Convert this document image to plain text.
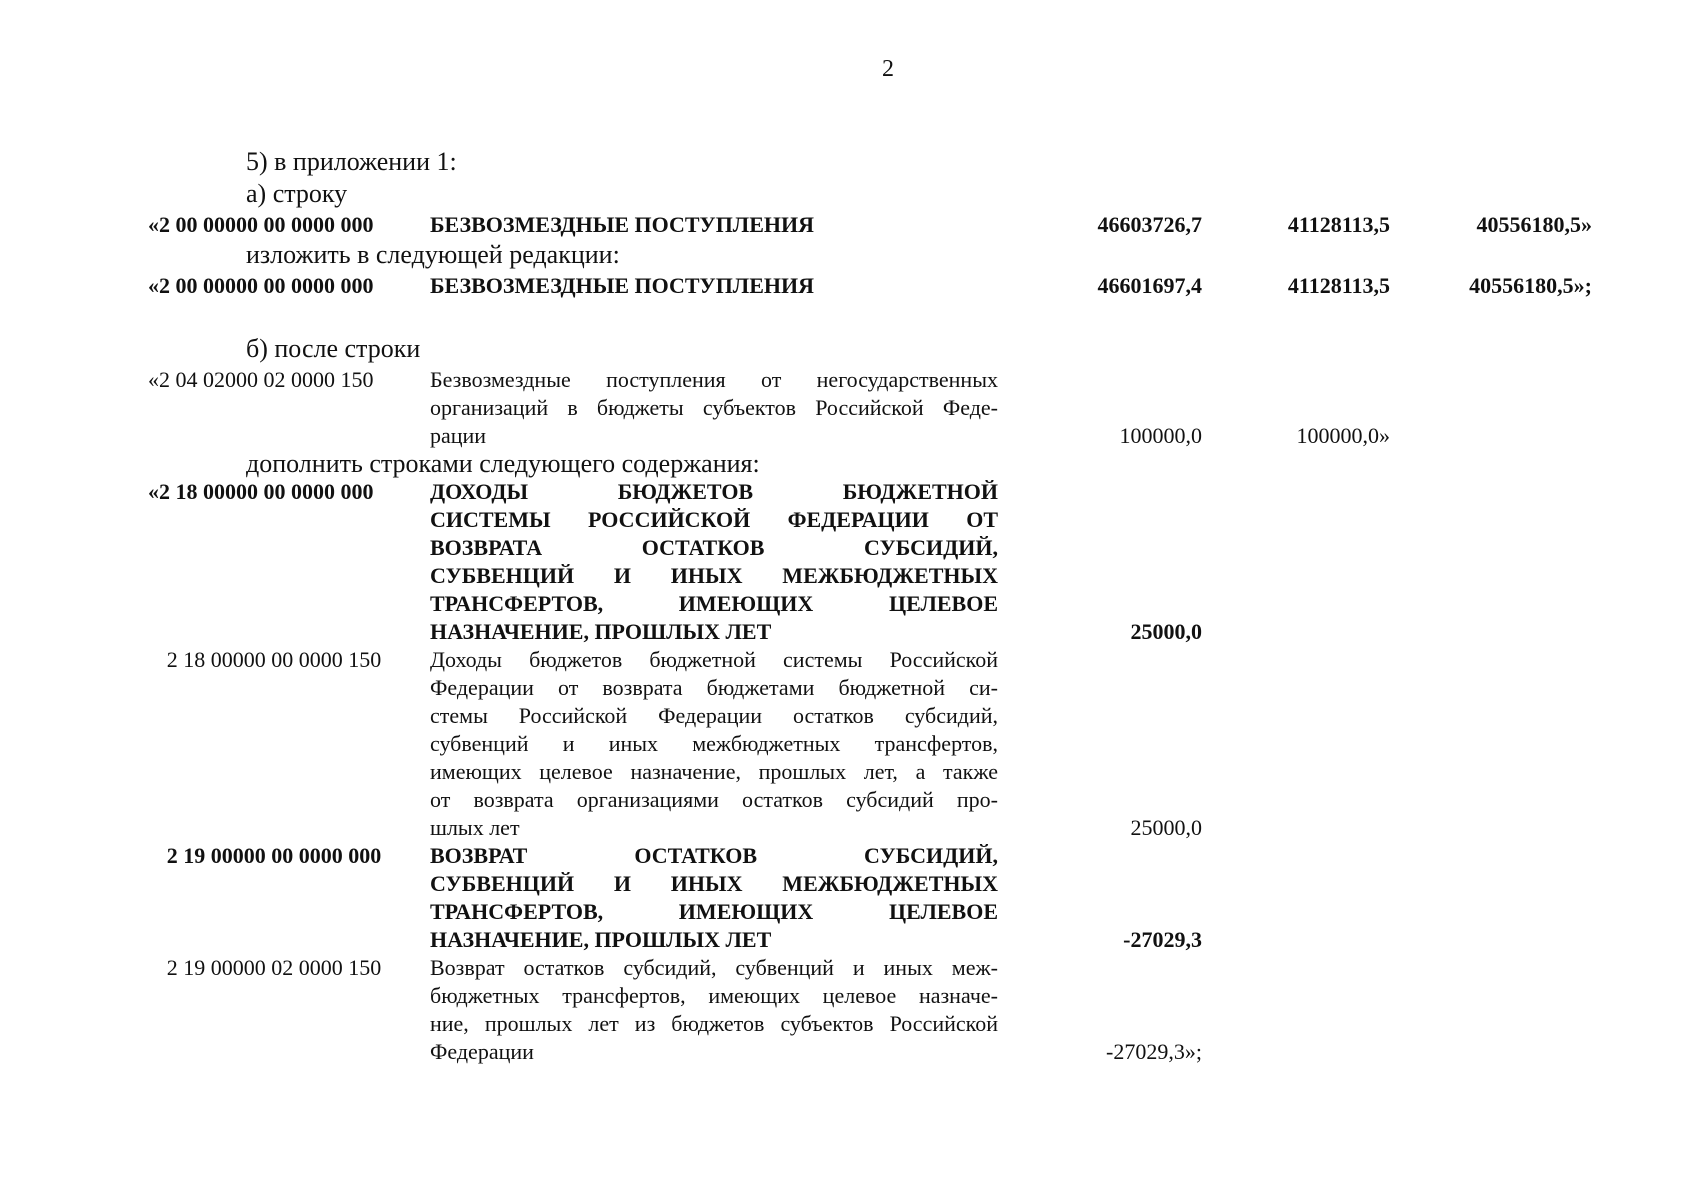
2
5) в приложении 1:
а) строку
«2 00 00000 00 0000 000	БЕЗВОЗМЕЗДНЫЕ ПОСТУПЛЕНИЯ	46603726,7	41128113,5	40556180,5»
изложить в следующей редакции:
«2 00 00000 00 0000 000	БЕЗВОЗМЕЗДНЫЕ ПОСТУПЛЕНИЯ	46601697,4	41128113,5	40556180,5»;
б) после строки
«2 04 02000 02 0000 150	Безвозмездные поступления от негосударственных
организаций в бюджеты субъектов Российской Феде-
рации	100000,0	100000,0»
дополнить строками следующего содержания:
«2 18 00000 00 0000 000	ДОХОДЫ БЮДЖЕТОВ БЮДЖЕТНОЙ
СИСТЕМЫ РОССИЙСКОЙ ФЕДЕРАЦИИ ОТ
ВОЗВРАТА ОСТАТКОВ СУБСИДИЙ,
СУБВЕНЦИЙ И ИНЫХ МЕЖБЮДЖЕТНЫХ
ТРАНСФЕРТОВ, ИМЕЮЩИХ ЦЕЛЕВОЕ
НАЗНАЧЕНИЕ, ПРОШЛЫХ ЛЕТ	25000,0
2 18 00000 00 0000 150	Доходы бюджетов бюджетной системы Российской
Федерации от возврата бюджетами бюджетной си-
стемы Российской Федерации остатков субсидий,
субвенций и иных межбюджетных трансфертов,
имеющих целевое назначение, прошлых лет, а также
от возврата организациями остатков субсидий про-
шлых лет	25000,0
2 19 00000 00 0000 000	ВОЗВРАТ ОСТАТКОВ СУБСИДИЙ,
СУБВЕНЦИЙ И ИНЫХ МЕЖБЮДЖЕТНЫХ
ТРАНСФЕРТОВ, ИМЕЮЩИХ ЦЕЛЕВОЕ
НАЗНАЧЕНИЕ, ПРОШЛЫХ ЛЕТ	-27029,3
2 19 00000 02 0000 150	Возврат остатков субсидий, субвенций и иных меж-
бюджетных трансфертов, имеющих целевое назначе-
ние, прошлых лет из бюджетов субъектов Российской
Федерации	-27029,3»;
